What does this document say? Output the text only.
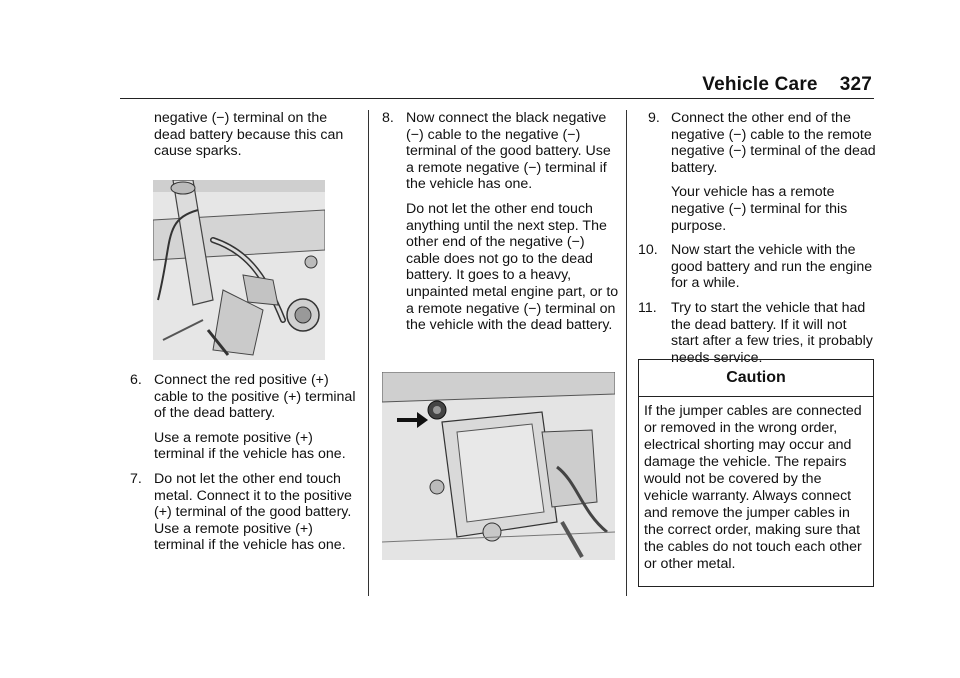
Vehicle Care 327

negative (−) terminal on the dead battery because this can cause sparks.

6. Connect the red positive (+) cable to the positive (+) terminal of the dead battery.

Use a remote positive (+) terminal if the vehicle has one.

7. Do not let the other end touch metal. Connect it to the positive (+) terminal of the good battery. Use a remote positive (+) terminal if the vehicle has one.

8. Now connect the black negative (−) cable to the negative (−) terminal of the good battery. Use a remote negative (−) terminal if the vehicle has one.

Do not let the other end touch anything until the next step. The other end of the negative (−) cable does not go to the dead battery. It goes to a heavy, unpainted metal engine part, or to a remote negative (−) terminal on the vehicle with the dead battery.

9. Connect the other end of the negative (−) cable to the remote negative (−) terminal of the dead battery.

Your vehicle has a remote negative (−) terminal for this purpose.

10. Now start the vehicle with the good battery and run the engine for a while.

11. Try to start the vehicle that had the dead battery. If it will not start after a few tries, it probably needs service.

Caution
If the jumper cables are connected or removed in the wrong order, electrical shorting may occur and damage the vehicle. The repairs would not be covered by the vehicle warranty. Always connect and remove the jumper cables in the correct order, making sure that the cables do not touch each other or other metal.
